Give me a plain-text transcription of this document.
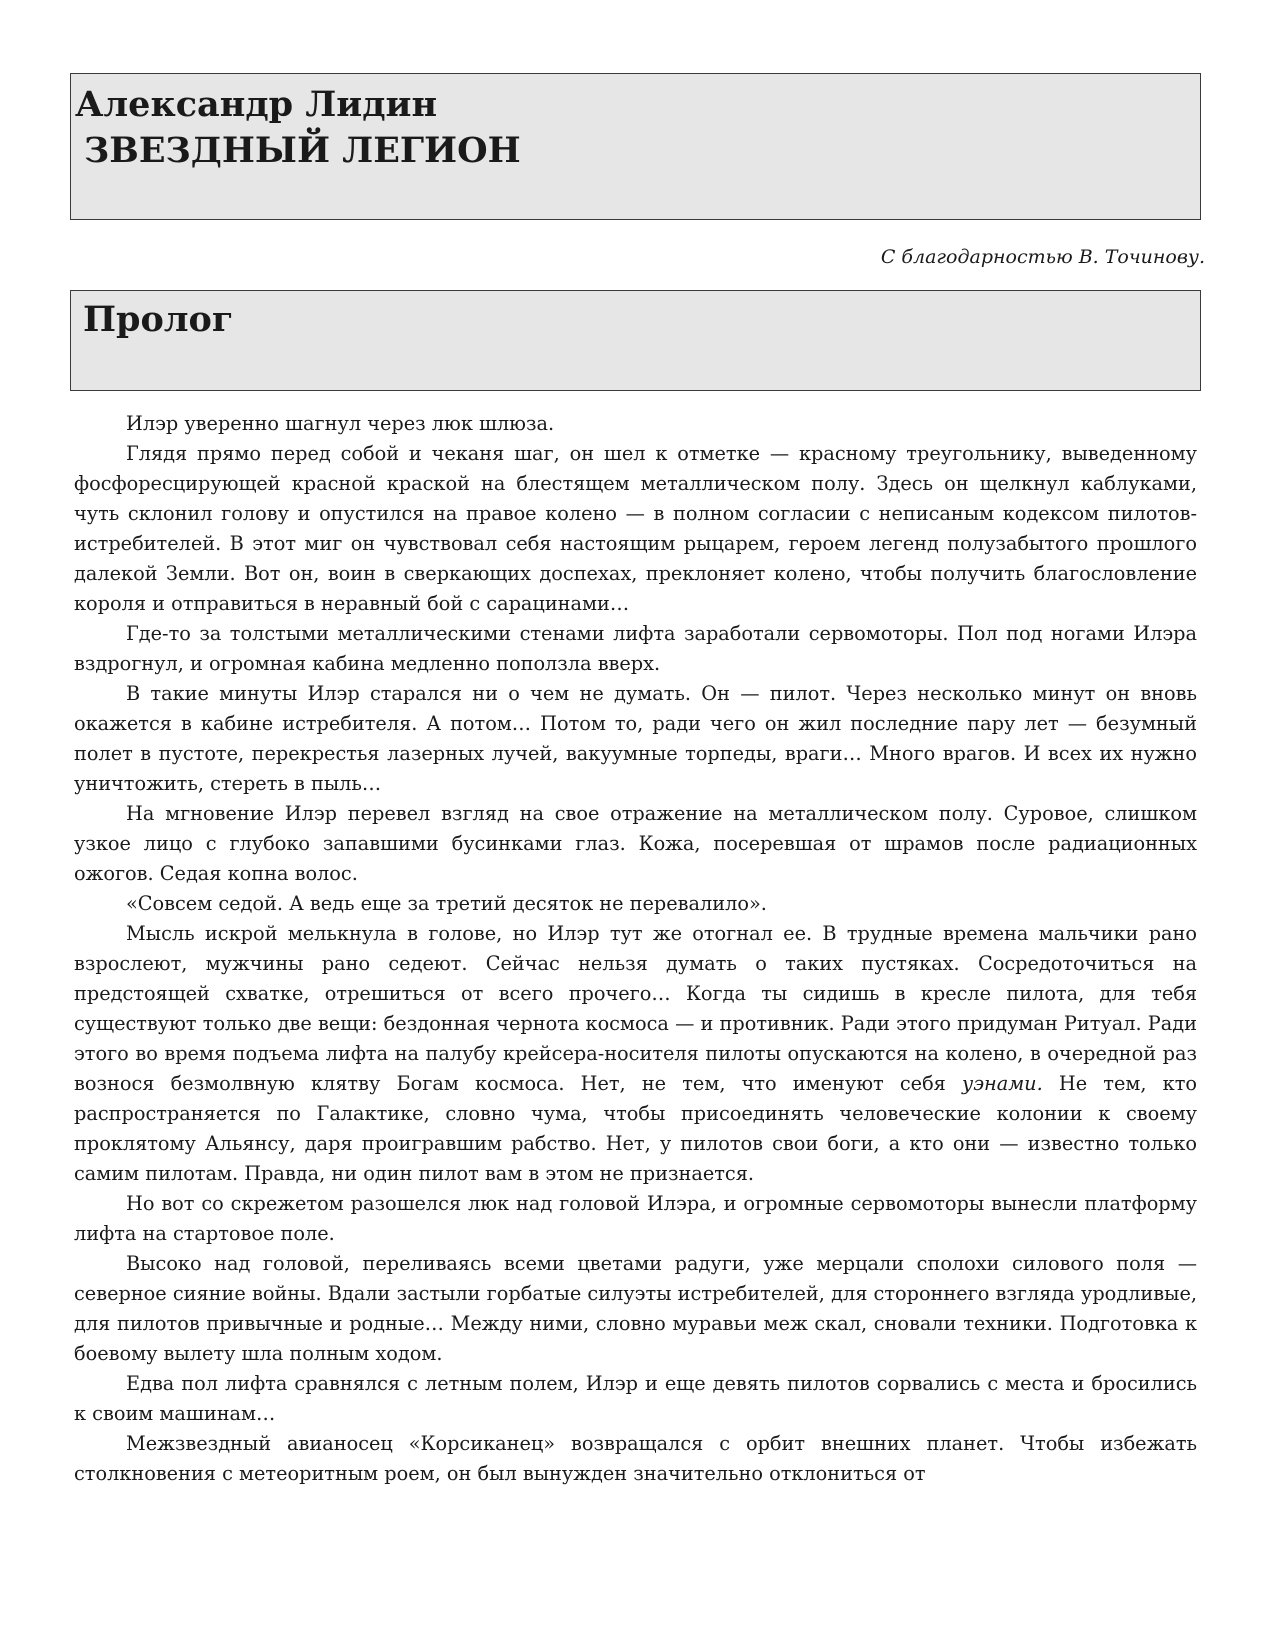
Александр Лидин
ЗВЕЗДНЫЙ ЛЕГИОН

С благодарностью В. Точинову.

Пролог

Илэр уверенно шагнул через люк шлюза.

Глядя прямо перед собой и чеканя шаг, он шел к отметке — красному треугольнику, выведенному фосфоресцирующей красной краской на блестящем металлическом полу. Здесь он щелкнул каблуками, чуть склонил голову и опустился на правое колено — в полном согласии с неписаным кодексом пилотов-истребителей. В этот миг он чувствовал себя настоящим рыцарем, героем легенд полузабытого прошлого далекой Земли. Вот он, воин в сверкающих доспехах, преклоняет колено, чтобы получить благословление короля и отправиться в неравный бой с сарацинами…

Где-то за толстыми металлическими стенами лифта заработали сервомоторы. Пол под ногами Илэра вздрогнул, и огромная кабина медленно поползла вверх.

В такие минуты Илэр старался ни о чем не думать. Он — пилот. Через несколько минут он вновь окажется в кабине истребителя. А потом… Потом то, ради чего он жил последние пару лет — безумный полет в пустоте, перекрестья лазерных лучей, вакуумные торпеды, враги… Много врагов. И всех их нужно уничтожить, стереть в пыль…

На мгновение Илэр перевел взгляд на свое отражение на металлическом полу. Суровое, слишком узкое лицо с глубоко запавшими бусинками глаз. Кожа, посеревшая от шрамов после радиационных ожогов. Седая копна волос.

«Совсем седой. А ведь еще за третий десяток не перевалило».

Мысль искрой мелькнула в голове, но Илэр тут же отогнал ее. В трудные времена мальчики рано взрослеют, мужчины рано седеют. Сейчас нельзя думать о таких пустяках. Сосредоточиться на предстоящей схватке, отрешиться от всего прочего… Когда ты сидишь в кресле пилота, для тебя существуют только две вещи: бездонная чернота космоса — и противник. Ради этого придуман Ритуал. Ради этого во время подъема лифта на палубу крейсера-носителя пилоты опускаются на колено, в очередной раз вознося безмолвную клятву Богам космоса. Нет, не тем, что именуют себя уэнами. Не тем, кто распространяется по Галактике, словно чума, чтобы присоединять человеческие колонии к своему проклятому Альянсу, даря проигравшим рабство. Нет, у пилотов свои боги, а кто они — известно только самим пилотам. Правда, ни один пилот вам в этом не признается.

Но вот со скрежетом разошелся люк над головой Илэра, и огромные сервомоторы вынесли платформу лифта на стартовое поле.

Высоко над головой, переливаясь всеми цветами радуги, уже мерцали сполохи силового поля — северное сияние войны. Вдали застыли горбатые силуэты истребителей, для стороннего взгляда уродливые, для пилотов привычные и родные… Между ними, словно муравьи меж скал, сновали техники. Подготовка к боевому вылету шла полным ходом.

Едва пол лифта сравнялся с летным полем, Илэр и еще девять пилотов сорвались с места и бросились к своим машинам…

Межзвездный авианосец «Корсиканец» возвращался с орбит внешних планет. Чтобы избежать столкновения с метеоритным роем, он был вынужден значительно отклониться от
